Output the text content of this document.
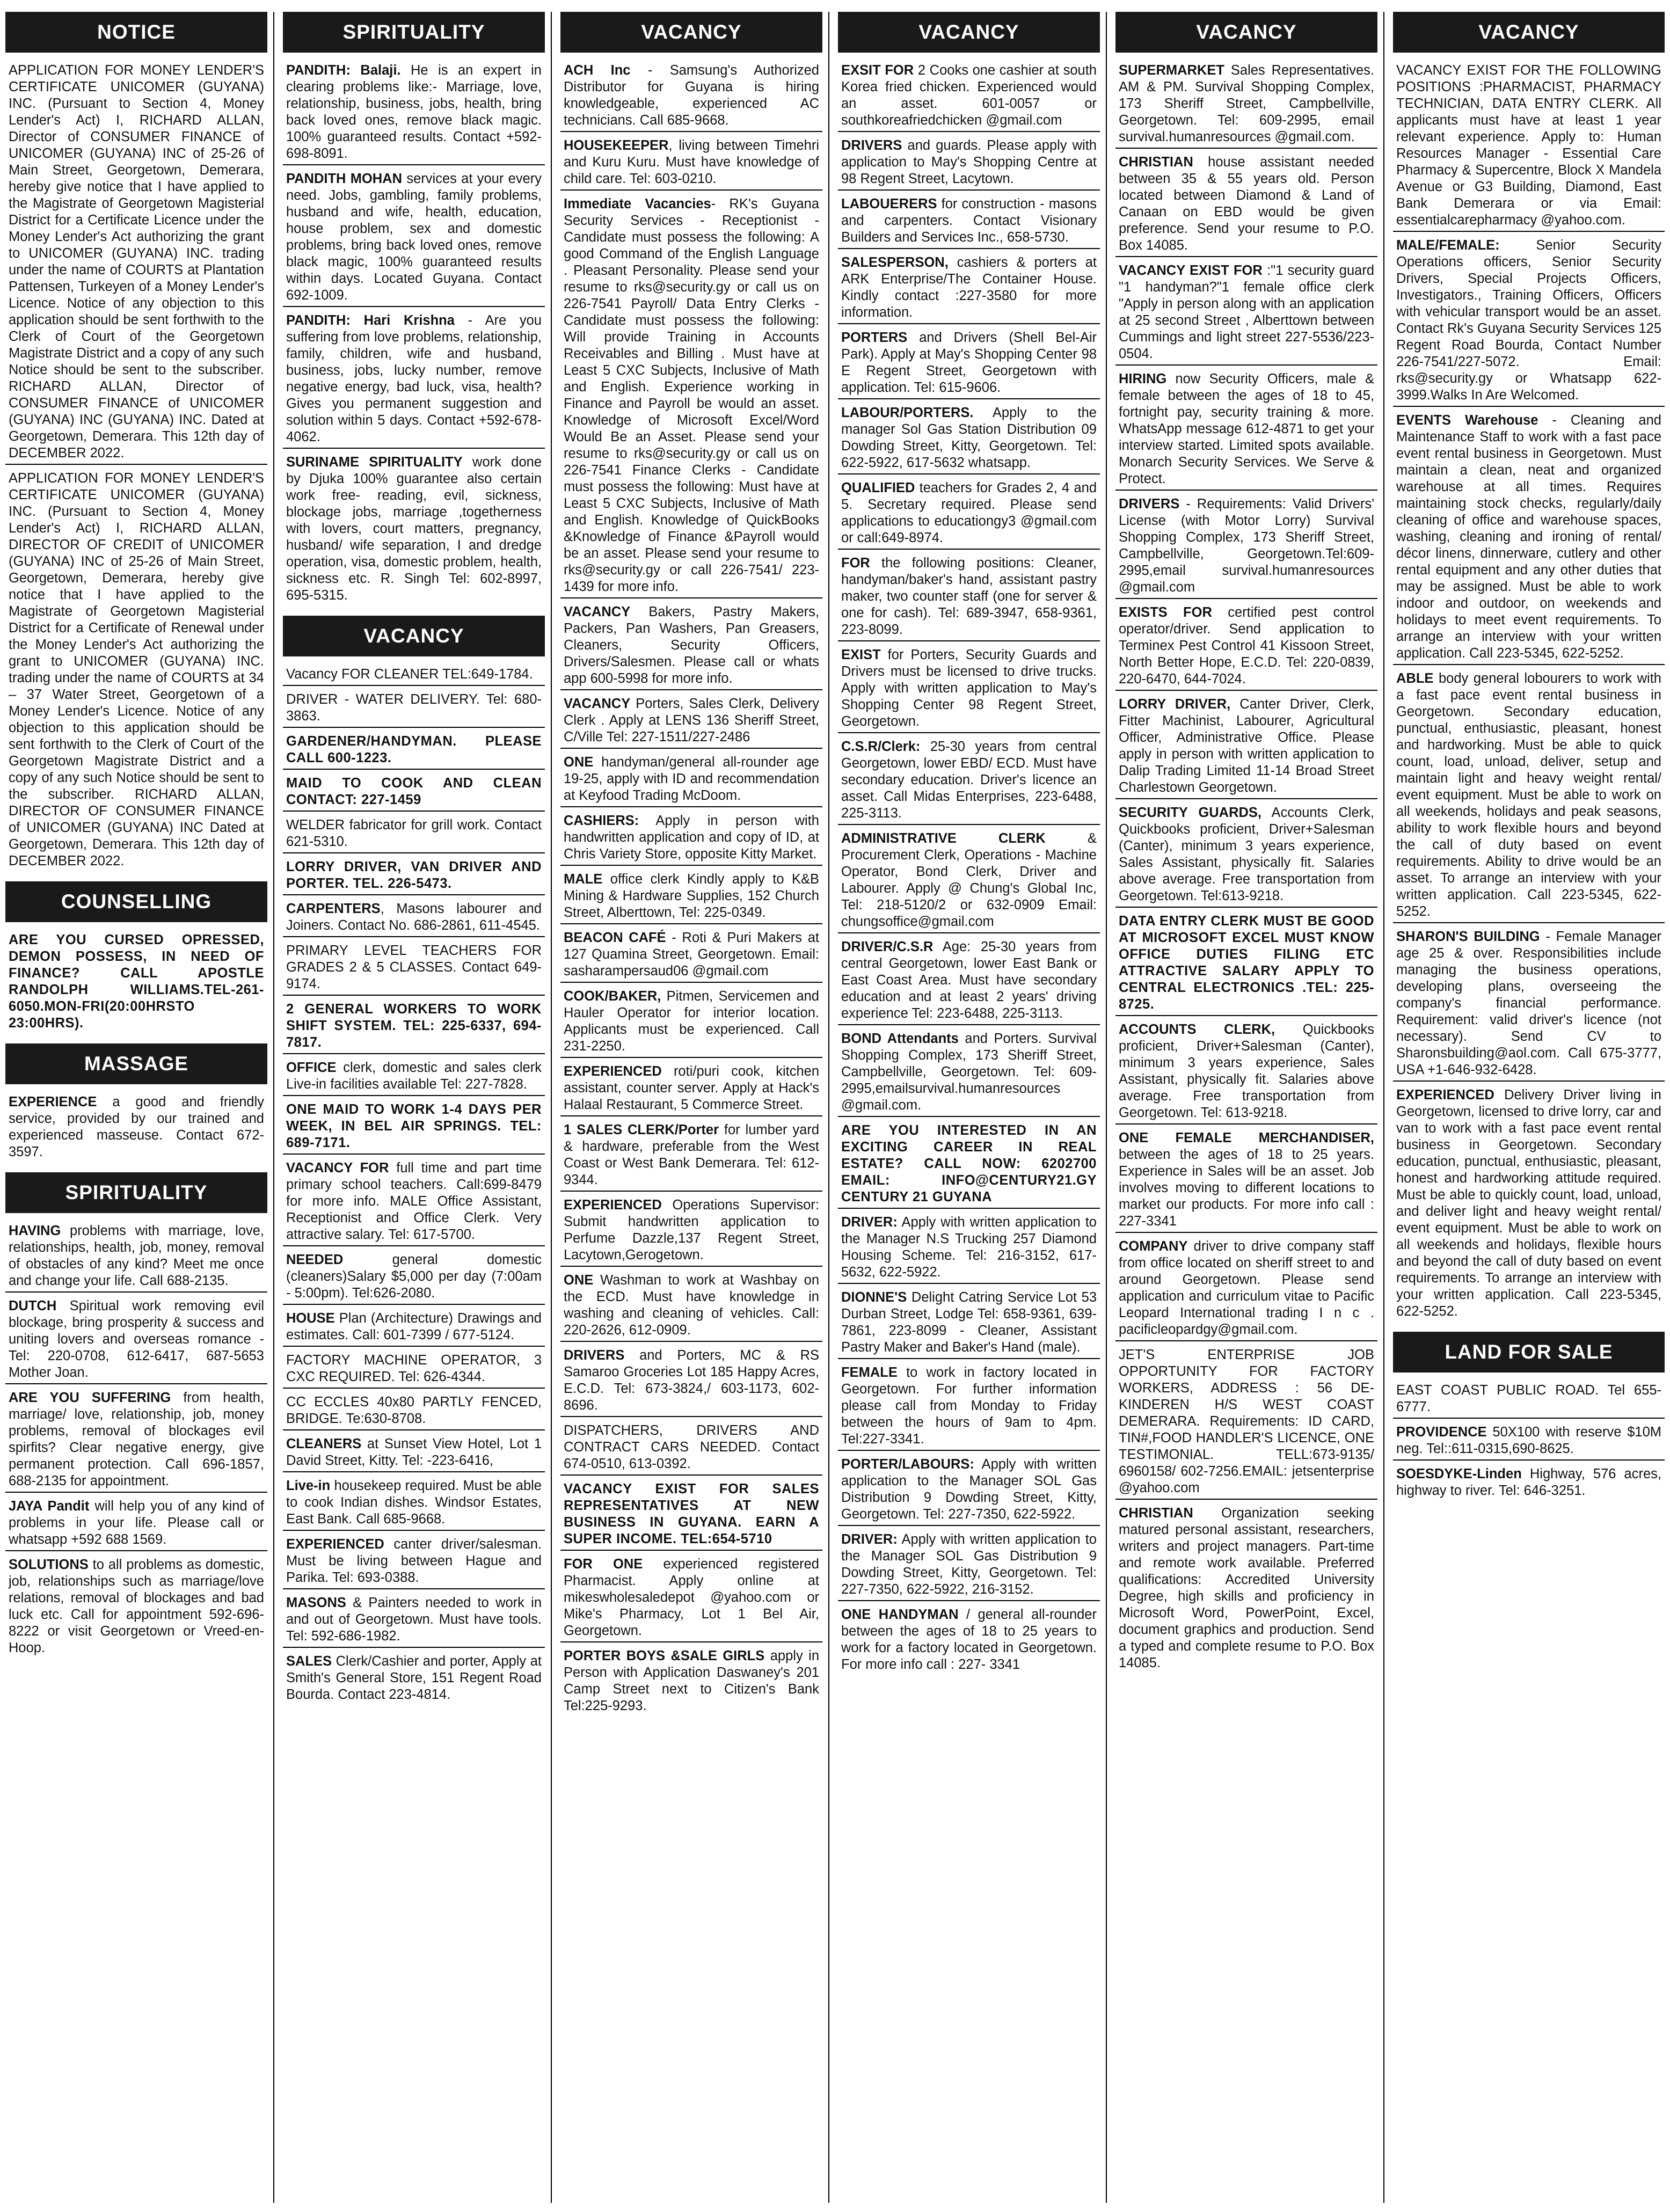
NOTICE
APPLICATION FOR MONEY LENDER'S CERTIFICATE UNICOMER (GUYANA) INC. (Pursuant to Section 4, Money Lender's Act) I, RICHARD ALLAN, Director of CONSUMER FINANCE of UNICOMER (GUYANA) INC of 25-26 of Main Street, Georgetown, Demerara, hereby give notice that I have applied to the Magistrate of Georgetown Magisterial District for a Certificate Licence under the Money Lender's Act authorizing the grant to UNICOMER (GUYANA) INC. trading under the name of COURTS at Plantation Pattensen, Turkeyen of a Money Lender's Licence. Notice of any objection to this application should be sent forthwith to the Clerk of Court of the Georgetown Magistrate District and a copy of any such Notice should be sent to the subscriber. RICHARD ALLAN, Director of CONSUMER FINANCE of UNICOMER (GUYANA) INC (GUYANA) INC. Dated at Georgetown, Demerara. This 12th day of DECEMBER 2022.
APPLICATION FOR MONEY LENDER'S CERTIFICATE UNICOMER (GUYANA) INC. (Pursuant to Section 4, Money Lender's Act) I, RICHARD ALLAN, DIRECTOR OF CREDIT of UNICOMER (GUYANA) INC of 25-26 of Main Street, Georgetown, Demerara, hereby give notice that I have applied to the Magistrate of Georgetown Magisterial District for a Certificate of Renewal under the Money Lender's Act authorizing the grant to UNICOMER (GUYANA) INC. trading under the name of COURTS at 34 – 37 Water Street, Georgetown of a Money Lender's Licence. Notice of any objection to this application should be sent forthwith to the Clerk of Court of the Georgetown Magistrate District and a copy of any such Notice should be sent to the subscriber. RICHARD ALLAN, DIRECTOR OF CONSUMER FINANCE of UNICOMER (GUYANA) INC Dated at Georgetown, Demerara. This 12th day of DECEMBER 2022.
COUNSELLING
ARE YOU CURSED OPRESSED, DEMON POSSESS, IN NEED OF FINANCE? CALL APOSTLE RANDOLPH WILLIAMS.TEL-261-6050.MON-FRI(20:00HRSTO 23:00HRS).
MASSAGE
EXPERIENCE a good and friendly service, provided by our trained and experienced masseuse. Contact 672-3597.
SPIRITUALITY
HAVING problems with marriage, love, relationships, health, job, money, removal of obstacles of any kind? Meet me once and change your life. Call 688-2135.
DUTCH Spiritual work removing evil blockage, bring prosperity & success and uniting lovers and overseas romance - Tel: 220-0708, 612-6417, 687-5653 Mother Joan.
ARE YOU SUFFERING from health, marriage/ love, relationship, job, money problems, removal of blockages evil spirfits? Clear negative energy, give permanent protection. Call 696-1857, 688-2135 for appointment.
JAYA Pandit will help you of any kind of problems in your life. Please call or whatsapp +592 688 1569.
SOLUTIONS to all problems as domestic, job, relationships such as marriage/love relations, removal of blockages and bad luck etc. Call for appointment 592-696-8222 or visit Georgetown or Vreed-en-Hoop.
SPIRITUALITY
PANDITH: Balaji. He is an expert in clearing problems like:- Marriage, love, relationship, business, jobs, health, bring back loved ones, remove black magic. 100% guaranteed results. Contact +592-698-8091.
PANDITH MOHAN services at your every need. Jobs, gambling, family problems, husband and wife, health, education, house problem, sex and domestic problems, bring back loved ones, remove black magic, 100% guaranteed results within days. Located Guyana. Contact 692-1009.
PANDITH: Hari Krishna - Are you suffering from love problems, relationship, family, children, wife and husband, business, jobs, lucky number, remove negative energy, bad luck, visa, health? Gives you permanent suggestion and solution within 5 days. Contact +592-678-4062.
SURINAME SPIRITUALITY work done by Djuka 100% guarantee also certain work free- reading, evil, sickness, blockage jobs, marriage ,togetherness with lovers, court matters, pregnancy, husband/ wife separation, I and dredge operation, visa, domestic problem, health, sickness etc. R. Singh Tel: 602-8997, 695-5315.
VACANCY
Vacancy FOR CLEANER TEL:649-1784.
DRIVER - WATER DELIVERY. Tel: 680-3863.
GARDENER/HANDYMAN. PLEASE CALL 600-1223.
MAID TO COOK AND CLEAN CONTACT: 227-1459
WELDER fabricator for grill work. Contact 621-5310.
LORRY DRIVER, VAN DRIVER AND PORTER. TEL. 226-5473.
CARPENTERS, Masons labourer and Joiners. Contact No. 686-2861, 611-4545.
PRIMARY LEVEL TEACHERS FOR GRADES 2 & 5 CLASSES. Contact 649-9174.
2 GENERAL WORKERS TO WORK SHIFT SYSTEM. TEL: 225-6337, 694-7817.
OFFICE clerk, domestic and sales clerk Live-in facilities available Tel: 227-7828.
ONE MAID TO WORK 1-4 DAYS PER WEEK, IN BEL AIR SPRINGS. TEL: 689-7171.
VACANCY FOR full time and part time primary school teachers. Call:699-8479 for more info. MALE Office Assistant, Receptionist and Office Clerk. Very attractive salary. Tel: 617-5700.
NEEDED general domestic (cleaners)Salary $5,000 per day (7:00am - 5:00pm). Tel:626-2080.
HOUSE Plan (Architecture) Drawings and estimates. Call: 601-7399 / 677-5124.
FACTORY MACHINE OPERATOR, 3 CXC REQUIRED. Tel: 626-4344.
CC ECCLES 40x80 PARTLY FENCED, BRIDGE. Te:630-8708.
CLEANERS at Sunset View Hotel, Lot 1 David Street, Kitty. Tel: -223-6416,
Live-in housekeep required. Must be able to cook Indian dishes. Windsor Estates, East Bank. Call 685-9668.
EXPERIENCED canter driver/salesman. Must be living between Hague and Parika. Tel: 693-0388.
MASONS & Painters needed to work in and out of Georgetown. Must have tools. Tel: 592-686-1982.
SALES Clerk/Cashier and porter, Apply at Smith's General Store, 151 Regent Road Bourda. Contact 223-4814.
VACANCY
ACH Inc - Samsung's Authorized Distributor for Guyana is hiring knowledgeable, experienced AC technicians. Call 685-9668.
HOUSEKEEPER, living between Timehri and Kuru Kuru. Must have knowledge of child care. Tel: 603-0210.
Immediate Vacancies- RK's Guyana Security Services - Receptionist - Candidate must possess the following: A good Command of the English Language . Pleasant Personality. Please send your resume to rks@security.gy or call us on 226-7541 Payroll/ Data Entry Clerks - Candidate must possess the following: Will provide Training in Accounts Receivables and Billing . Must have at Least 5 CXC Subjects, Inclusive of Math and English. Experience working in Finance and Payroll be would an asset. Knowledge of Microsoft Excel/Word Would Be an Asset. Please send your resume to rks@security.gy or call us on 226-7541 Finance Clerks - Candidate must possess the following: Must have at Least 5 CXC Subjects, Inclusive of Math and English. Knowledge of QuickBooks &Knowledge of Finance &Payroll would be an asset. Please send your resume to rks@security.gy or call 226-7541/ 223-1439 for more info.
VACANCY Bakers, Pastry Makers, Packers, Pan Washers, Pan Greasers, Cleaners, Security Officers, Drivers/Salesmen. Please call or whats app 600-5998 for more info.
VACANCY Porters, Sales Clerk, Delivery Clerk . Apply at LENS 136 Sheriff Street, C/Ville Tel: 227-1511/227-2486
ONE handyman/general all-rounder age 19-25, apply with ID and recommendation at Keyfood Trading McDoom.
CASHIERS: Apply in person with handwritten application and copy of ID, at Chris Variety Store, opposite Kitty Market.
MALE office clerk Kindly apply to K&B Mining & Hardware Supplies, 152 Church Street, Alberttown, Tel: 225-0349.
BEACON CAFÉ - Roti & Puri Makers at 127 Quamina Street, Georgetown. Email: sasharampersaud06 @gmail.com
COOK/BAKER, Pitmen, Servicemen and Hauler Operator for interior location. Applicants must be experienced. Call 231-2250.
EXPERIENCED roti/puri cook, kitchen assistant, counter server. Apply at Hack's Halaal Restaurant, 5 Commerce Street.
1 SALES CLERK/Porter for lumber yard & hardware, preferable from the West Coast or West Bank Demerara. Tel: 612-9344.
EXPERIENCED Operations Supervisor: Submit handwritten application to Perfume Dazzle,137 Regent Street, Lacytown,Gerogetown.
ONE Washman to work at Washbay on the ECD. Must have knowledge in washing and cleaning of vehicles. Call: 220-2626, 612-0909.
DRIVERS and Porters, MC & RS Samaroo Groceries Lot 185 Happy Acres, E.C.D. Tel: 673-3824,/ 603-1173, 602-8696.
DISPATCHERS, DRIVERS AND CONTRACT CARS NEEDED. Contact 674-0510, 613-0392.
VACANCY EXIST FOR SALES REPRESENTATIVES AT NEW BUSINESS IN GUYANA. EARN A SUPER INCOME. TEL:654-5710
FOR ONE experienced registered Pharmacist. Apply online at mikeswholesaledepot @yahoo.com or Mike's Pharmacy, Lot 1 Bel Air, Georgetown.
PORTER BOYS &SALE GIRLS apply in Person with Application Daswaney's 201 Camp Street next to Citizen's Bank Tel:225-9293.
VACANCY
EXSIT FOR 2 Cooks one cashier at south Korea fried chicken. Experienced would an asset. 601-0057 or southkoreafriedchicken @gmail.com
DRIVERS and guards. Please apply with application to May's Shopping Centre at 98 Regent Street, Lacytown.
LABOUERERS for construction - masons and carpenters. Contact Visionary Builders and Services Inc., 658-5730.
SALESPERSON, cashiers & porters at ARK Enterprise/The Container House. Kindly contact :227-3580 for more information.
PORTERS and Drivers (Shell Bel-Air Park). Apply at May's Shopping Center 98 E Regent Street, Georgetown with application. Tel: 615-9606.
LABOUR/PORTERS. Apply to the manager Sol Gas Station Distribution 09 Dowding Street, Kitty, Georgetown. Tel: 622-5922, 617-5632 whatsapp.
QUALIFIED teachers for Grades 2, 4 and 5. Secretary required. Please send applications to educationgy3 @gmail.com or call:649-8974.
FOR the following positions: Cleaner, handyman/baker's hand, assistant pastry maker, two counter staff (one for server & one for cash). Tel: 689-3947, 658-9361, 223-8099.
EXIST for Porters, Security Guards and Drivers must be licensed to drive trucks. Apply with written application to May's Shopping Center 98 Regent Street, Georgetown.
C.S.R/Clerk: 25-30 years from central Georgetown, lower EBD/ ECD. Must have secondary education. Driver's licence an asset. Call Midas Enterprises, 223-6488, 225-3113.
ADMINISTRATIVE CLERK & Procurement Clerk, Operations - Machine Operator, Bond Clerk, Driver and Labourer. Apply @ Chung's Global Inc, Tel: 218-5120/2 or 632-0909 Email: chungsoffice@gmail.com
DRIVER/C.S.R Age: 25-30 years from central Georgetown, lower East Bank or East Coast Area. Must have secondary education and at least 2 years' driving experience Tel: 223-6488, 225-3113.
BOND Attendants and Porters. Survival Shopping Complex, 173 Sheriff Street, Campbellville, Georgetown. Tel: 609-2995,emailsurvival.humanresources @gmail.com.
ARE YOU INTERESTED IN AN EXCITING CAREER IN REAL ESTATE? CALL NOW: 6202700 EMAIL: INFO@CENTURY21.GY CENTURY 21 GUYANA
DRIVER: Apply with written application to the Manager N.S Trucking 257 Diamond Housing Scheme. Tel: 216-3152, 617-5632, 622-5922.
DIONNE'S Delight Catring Service Lot 53 Durban Street, Lodge Tel: 658-9361, 639-7861, 223-8099 - Cleaner, Assistant Pastry Maker and Baker's Hand (male).
FEMALE to work in factory located in Georgetown. For further information please call from Monday to Friday between the hours of 9am to 4pm. Tel:227-3341.
PORTER/LABOURS: Apply with written application to the Manager SOL Gas Distribution 9 Dowding Street, Kitty, Georgetown. Tel: 227-7350, 622-5922.
DRIVER: Apply with written application to the Manager SOL Gas Distribution 9 Dowding Street, Kitty, Georgetown. Tel: 227-7350, 622-5922, 216-3152.
ONE HANDYMAN / general all-rounder between the ages of 18 to 25 years to work for a factory located in Georgetown. For more info call : 227- 3341
VACANCY
SUPERMARKET Sales Representatives. AM & PM. Survival Shopping Complex, 173 Sheriff Street, Campbellville, Georgetown. Tel: 609-2995, email survival.humanresources @gmail.com.
CHRISTIAN house assistant needed between 35 & 55 years old. Person located between Diamond & Land of Canaan on EBD would be given preference. Send your resume to P.O. Box 14085.
VACANCY EXIST FOR :"1 security guard "1 handyman?"1 female office clerk "Apply in person along with an application at 25 second Street , Alberttown between Cummings and light street 227-5536/223-0504.
HIRING now Security Officers, male & female between the ages of 18 to 45, fortnight pay, security training & more. WhatsApp message 612-4871 to get your interview started. Limited spots available. Monarch Security Services. We Serve & Protect.
DRIVERS - Requirements: Valid Drivers' License (with Motor Lorry) Survival Shopping Complex, 173 Sheriff Street, Campbellville, Georgetown.Tel:609-2995,email survival.humanresources @gmail.com
EXISTS FOR certified pest control operator/driver. Send application to Terminex Pest Control 41 Kissoon Street, North Better Hope, E.C.D. Tel: 220-0839, 220-6470, 644-7024.
LORRY DRIVER, Canter Driver, Clerk, Fitter Machinist, Labourer, Agricultural Officer, Administrative Office. Please apply in person with written application to Dalip Trading Limited 11-14 Broad Street Charlestown Georgetown.
SECURITY GUARDS, Accounts Clerk, Quickbooks proficient, Driver+Salesman (Canter), minimum 3 years experience, Sales Assistant, physically fit. Salaries above average. Free transportation from Georgetown. Tel:613-9218.
DATA ENTRY CLERK MUST BE GOOD AT MICROSOFT EXCEL MUST KNOW OFFICE DUTIES FILING ETC ATTRACTIVE SALARY APPLY TO CENTRAL ELECTRONICS .TEL: 225-8725.
ACCOUNTS CLERK, Quickbooks proficient, Driver+Salesman (Canter), minimum 3 years experience, Sales Assistant, physically fit. Salaries above average. Free transportation from Georgetown. Tel: 613-9218.
ONE FEMALE MERCHANDISER, between the ages of 18 to 25 years. Experience in Sales will be an asset. Job involves moving to different locations to market our products. For more info call : 227-3341
COMPANY driver to drive company staff from office located on sheriff street to and around Georgetown. Please send application and curriculum vitae to Pacific Leopard International trading I n c . pacificleopardgy@gmail.com.
JET'S ENTERPRISE JOB OPPORTUNITY FOR FACTORY WORKERS, ADDRESS : 56 DE-KINDEREN H/S WEST COAST DEMERARA. Requirements: ID CARD, TIN#,FOOD HANDLER'S LICENCE, ONE TESTIMONIAL. TELL:673-9135/ 6960158/ 602-7256.EMAIL: jetsenterprise @yahoo.com
CHRISTIAN Organization seeking matured personal assistant, researchers, writers and project managers. Part-time and remote work available. Preferred qualifications: Accredited University Degree, high skills and proficiency in Microsoft Word, PowerPoint, Excel, document graphics and production. Send a typed and complete resume to P.O. Box 14085.
VACANCY
VACANCY EXIST FOR THE FOLLOWING POSITIONS :PHARMACIST, PHARMACY TECHNICIAN, DATA ENTRY CLERK. All applicants must have at least 1 year relevant experience. Apply to: Human Resources Manager - Essential Care Pharmacy & Supercentre, Block X Mandela Avenue or G3 Building, Diamond, East Bank Demerara or via Email: essentialcarepharmacy @yahoo.com.
MALE/FEMALE: Senior Security Operations officers, Senior Security Drivers, Special Projects Officers, Investigators., Training Officers, Officers with vehicular transport would be an asset. Contact Rk's Guyana Security Services 125 Regent Road Bourda, Contact Number 226-7541/227-5072. Email: rks@security.gy or Whatsapp 622-3999.Walks In Are Welcomed.
EVENTS Warehouse - Cleaning and Maintenance Staff to work with a fast pace event rental business in Georgetown. Must maintain a clean, neat and organized warehouse at all times. Requires maintaining stock checks, regularly/daily cleaning of office and warehouse spaces, washing, cleaning and ironing of rental/ décor linens, dinnerware, cutlery and other rental equipment and any other duties that may be assigned. Must be able to work indoor and outdoor, on weekends and holidays to meet event requirements. To arrange an interview with your written application. Call 223-5345, 622-5252.
ABLE body general lobourers to work with a fast pace event rental business in Georgetown. Secondary education, punctual, enthusiastic, pleasant, honest and hardworking. Must be able to quick count, load, unload, deliver, setup and maintain light and heavy weight rental/ event equipment. Must be able to work on all weekends, holidays and peak seasons, ability to work flexible hours and beyond the call of duty based on event requirements. Ability to drive would be an asset. To arrange an interview with your written application. Call 223-5345, 622-5252.
SHARON'S BUILDING - Female Manager age 25 & over. Responsibilities include managing the business operations, developing plans, overseeing the company's financial performance. Requirement: valid driver's licence (not necessary). Send CV to Sharonsbuilding@aol.com. Call 675-3777, USA +1-646-932-6428.
EXPERIENCED Delivery Driver living in Georgetown, licensed to drive lorry, car and van to work with a fast pace event rental business in Georgetown. Secondary education, punctual, enthusiastic, pleasant, honest and hardworking attitude required. Must be able to quickly count, load, unload, and deliver light and heavy weight rental/ event equipment. Must be able to work on all weekends and holidays, flexible hours and beyond the call of duty based on event requirements. To arrange an interview with your written application. Call 223-5345, 622-5252.
LAND FOR SALE
EAST COAST PUBLIC ROAD. Tel 655-6777.
PROVIDENCE 50X100 with reserve $10M neg. Tel::611-0315,690-8625.
SOESDYKE-Linden Highway, 576 acres, highway to river. Tel: 646-3251.
